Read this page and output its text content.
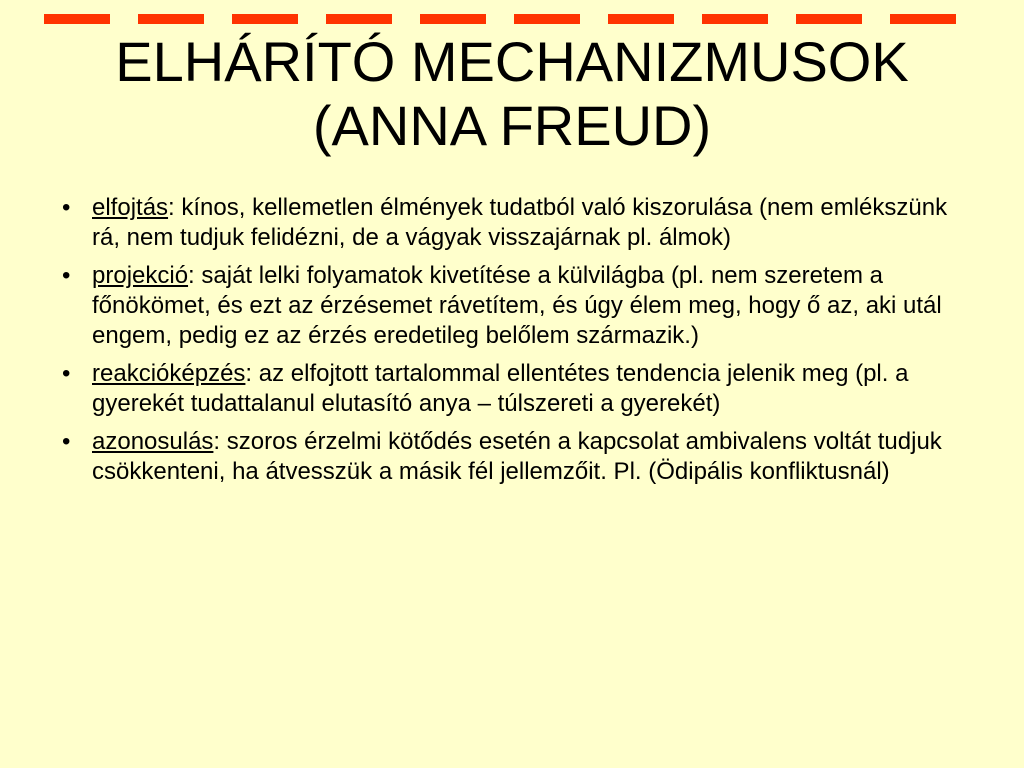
ELHÁRÍTÓ MECHANIZMUSOK
(ANNA FREUD)
• elfojtás: kínos, kellemetlen élmények tudatból való kiszorulása (nem emlékszünk rá, nem tudjuk felidézni, de a vágyak visszajárnak pl. álmok)
• projekció: saját lelki folyamatok kivetítése a külvilágba (pl. nem szeretem a főnökömet, és ezt az érzésemet rávetítem, és úgy élem meg, hogy ő az, aki utál engem, pedig ez az érzés eredetileg belőlem származik.)
• reakcióképzés: az elfojtott tartalommal ellentétes tendencia jelenik meg (pl. a gyerekét tudattalanul elutasító anya – túlszereti a gyerekét)
• azonosulás: szoros érzelmi kötődés esetén a kapcsolat ambivalens voltát tudjuk csökkenteni, ha átvesszük a másik fél jellemzőit. Pl. (Ödipális konfliktusnál)
